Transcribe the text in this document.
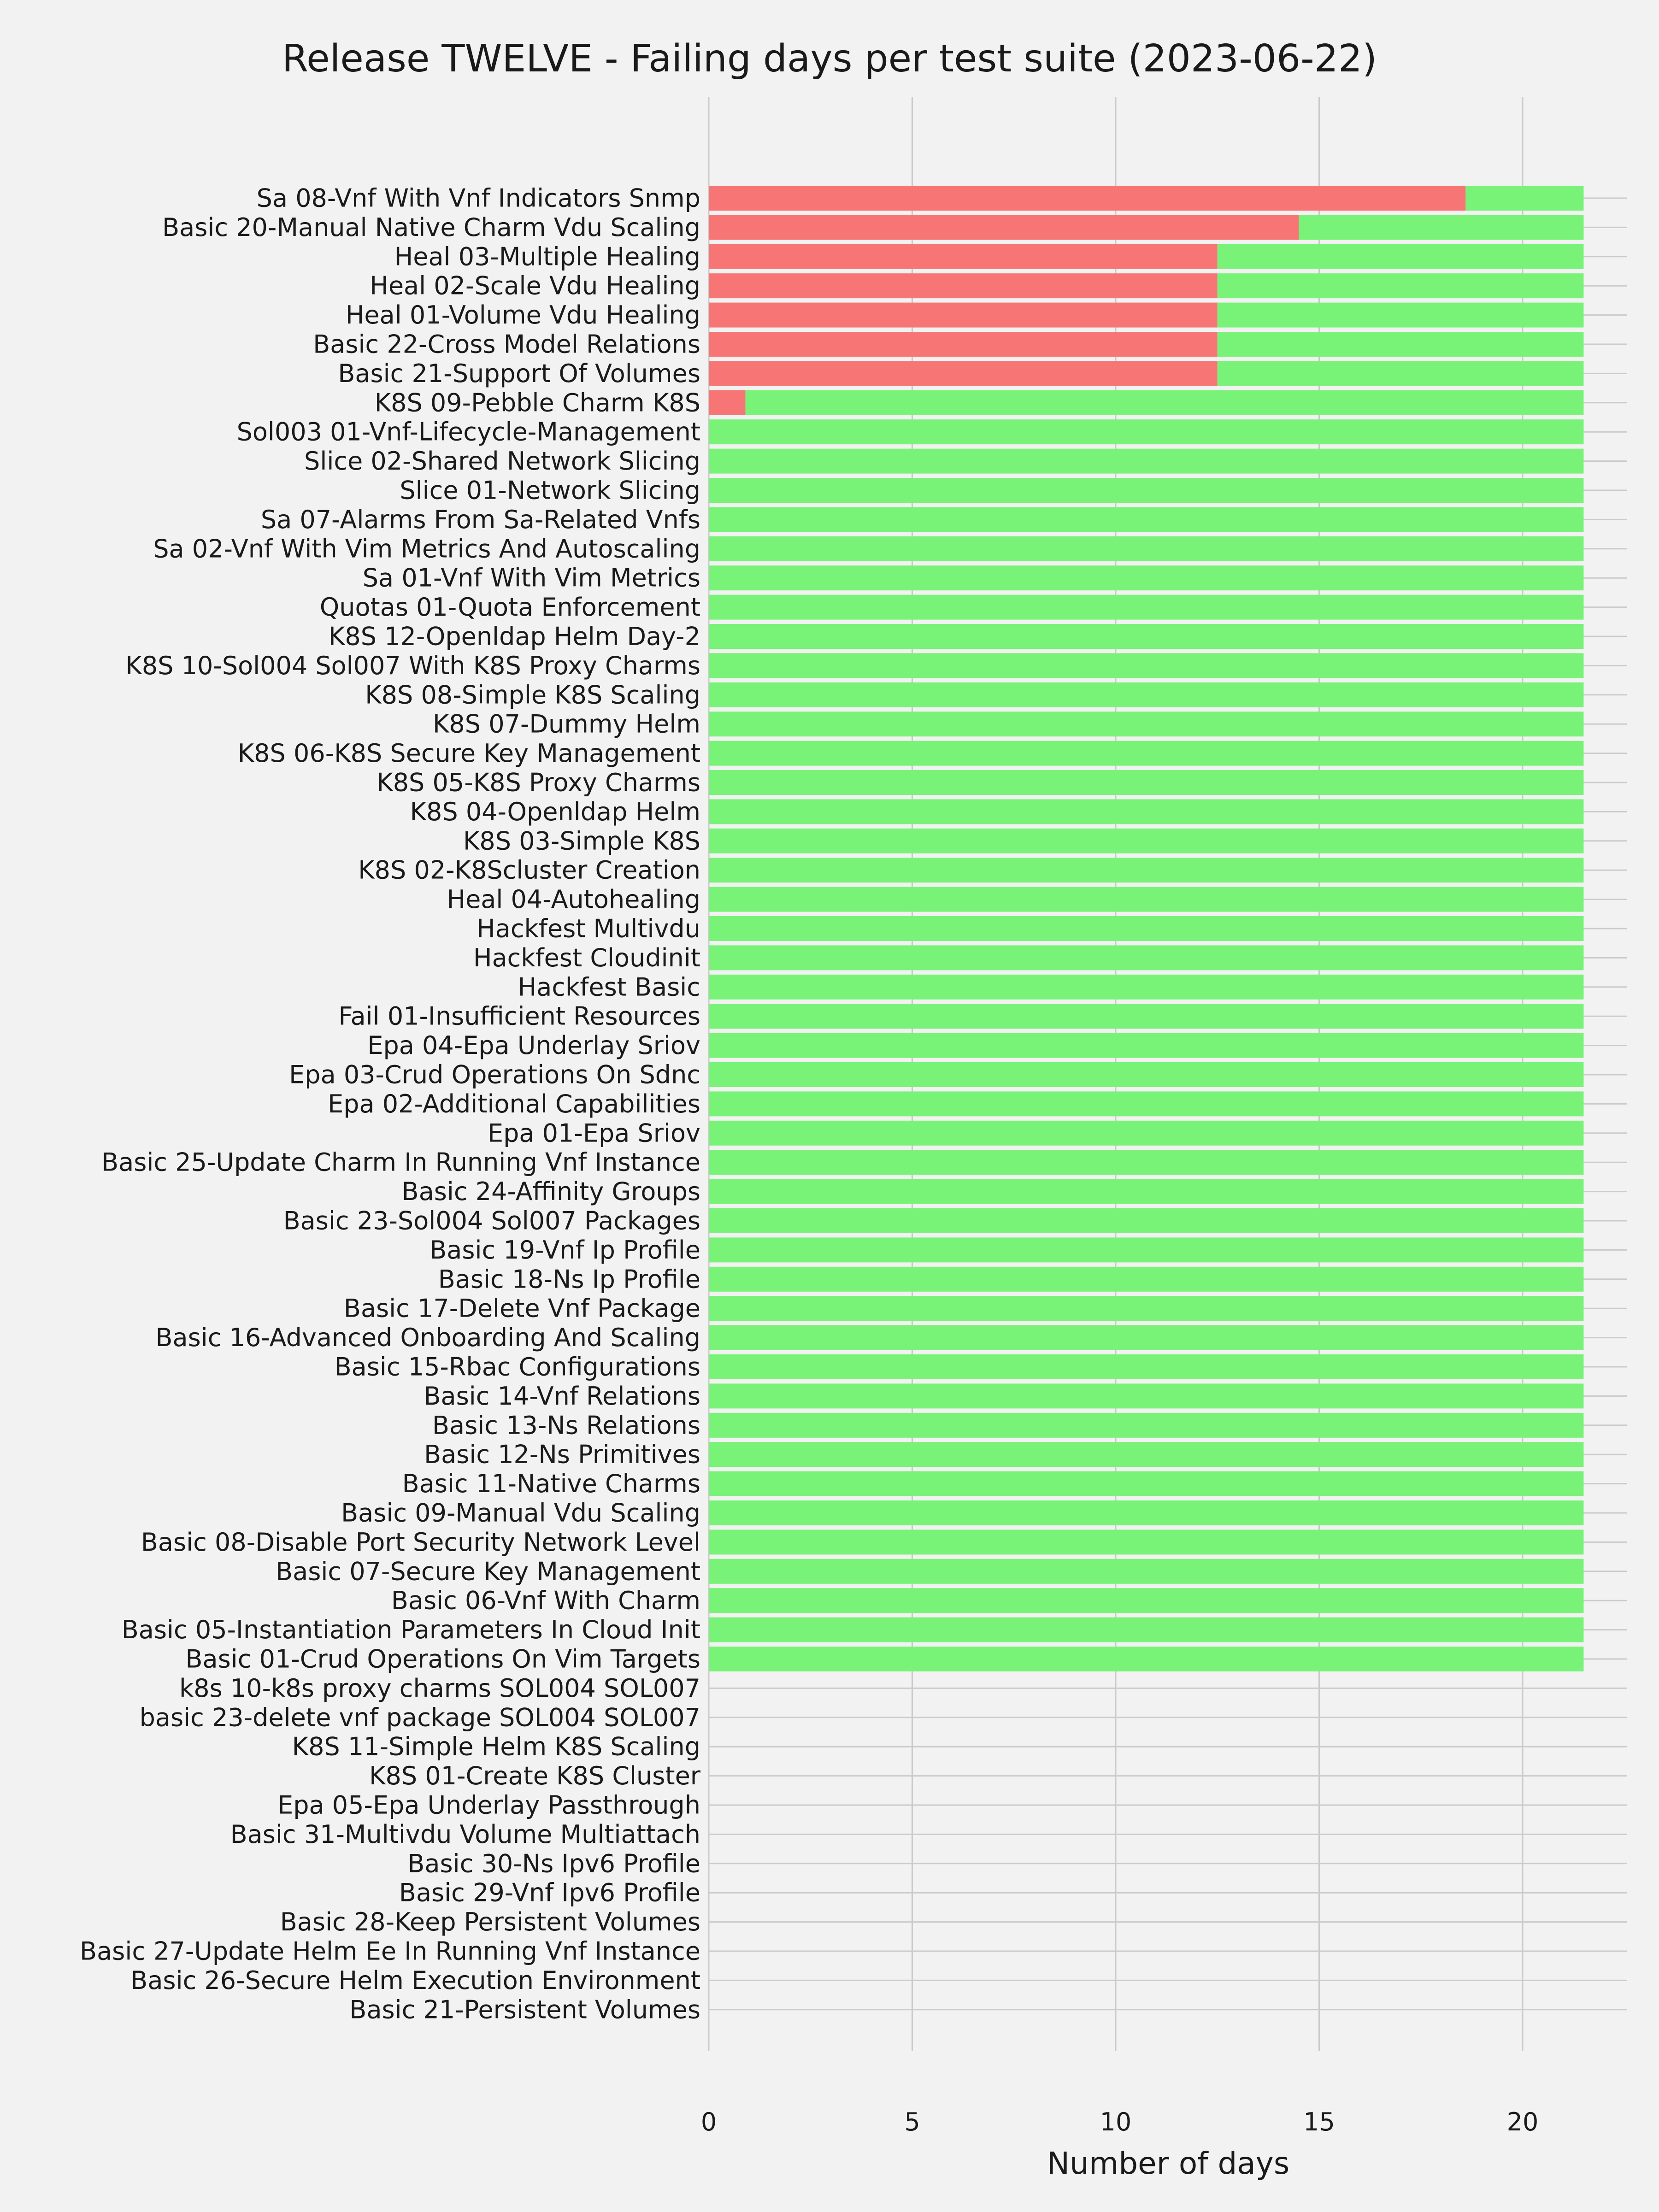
Sa 08-Vnf With Vnf Indicators Snmp
Basic 20-Manual Native Charm Vdu Scaling
Heal 03-Multiple Healing
Heal 02-Scale Vdu Healing
Heal 01-Volume Vdu Healing
Basic 22-Cross Model Relations
Basic 21-Support Of Volumes
K8S 09-Pebble Charm K8S
Sol003 01-Vnf-Lifecycle-Management
Slice 02-Shared Network Slicing
Slice 01-Network Slicing
Sa 07-Alarms From Sa-Related Vnfs
Sa 02-Vnf With Vim Metrics And Autoscaling
Sa 01-Vnf With Vim Metrics
Quotas 01-Quota Enforcement
K8S 12-Openldap Helm Day-2
K8S 10-Sol004 Sol007 With K8S Proxy Charms
K8S 08-Simple K8S Scaling
K8S 07-Dummy Helm
K8S 06-K8S Secure Key Management
K8S 05-K8S Proxy Charms
K8S 04-Openldap Helm
K8S 03-Simple K8S
K8S 02-K8Scluster Creation
Heal 04-Autohealing
Hackfest Multivdu
Hackfest Cloudinit
Hackfest Basic
Fail 01-Insufficient Resources
Epa 04-Epa Underlay Sriov
Epa 03-Crud Operations On Sdnc
Epa 02-Additional Capabilities
Epa 01-Epa Sriov
Basic 25-Update Charm In Running Vnf Instance
Basic 24-Affinity Groups
Basic 23-Sol004 Sol007 Packages
Basic 19-Vnf Ip Profile
Basic 18-Ns Ip Profile
Basic 17-Delete Vnf Package
Basic 16-Advanced Onboarding And Scaling
Basic 15-Rbac Configurations
Basic 14-Vnf Relations
Basic 13-Ns Relations
Basic 12-Ns Primitives
Basic 11-Native Charms
Basic 09-Manual Vdu Scaling
Basic 08-Disable Port Security Network Level
Basic 07-Secure Key Management
Basic 06-Vnf With Charm
Basic 05-Instantiation Parameters In Cloud Init
Basic 01-Crud Operations On Vim Targets
k8s 10-k8s proxy charms SOL004 SOL007
basic 23-delete vnf package SOL004 SOL007
K8S 11-Simple Helm K8S Scaling
K8S 01-Create K8S Cluster
Epa 05-Epa Underlay Passthrough
Basic 31-Multivdu Volume Multiattach
Basic 30-Ns Ipv6 Profile
Basic 29-Vnf Ipv6 Profile
Basic 28-Keep Persistent Volumes
Basic 27-Update Helm Ee In Running Vnf Instance
Basic 26-Secure Helm Execution Environment
Basic 21-Persistent Volumes
0	5	10	15	20
Release TWELVE - Failing days per test suite (2023-06-22)
Number of days
